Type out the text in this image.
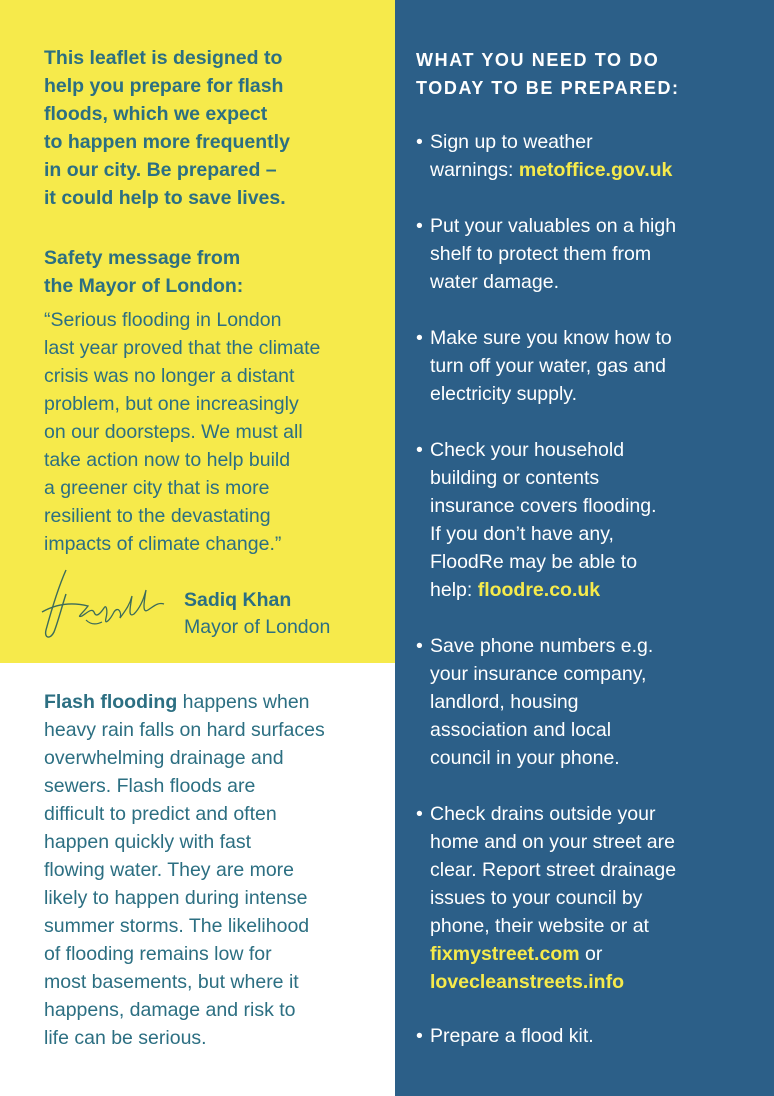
This leaflet is designed to
help you prepare for flash
floods, which we expect
to happen more frequently
in our city. Be prepared –
it could help to save lives.
Safety message from
the Mayor of London:
“Serious flooding in London
last year proved that the climate
crisis was no longer a distant
problem, but one increasingly
on our doorsteps. We must all
take action now to help build
a greener city that is more
resilient to the devastating
impacts of climate change.”
Sadiq Khan
Mayor of London
Flash flooding happens when
heavy rain falls on hard surfaces
overwhelming drainage and
sewers. Flash floods are
difficult to predict and often
happen quickly with fast
flowing water. They are more
likely to happen during intense
summer storms. The likelihood
of flooding remains low for
most basements, but where it
happens, damage and risk to
life can be serious.
WHAT YOU NEED TO DO
TODAY TO BE PREPARED:
• Sign up to weather
warnings: metoffice.gov.uk
• Put your valuables on a high
shelf to protect them from
water damage.
• Make sure you know how to
turn off your water, gas and
electricity supply.
• Check your household
building or contents
insurance covers flooding.
If you don’t have any,
FloodRe may be able to
help: floodre.co.uk
• Save phone numbers e.g.
your insurance company,
landlord, housing
association and local
council in your phone.
• Check drains outside your
home and on your street are
clear. Report street drainage
issues to your council by
phone, their website or at
fixmystreet.com or
lovecleanstreets.info
• Prepare a flood kit.
